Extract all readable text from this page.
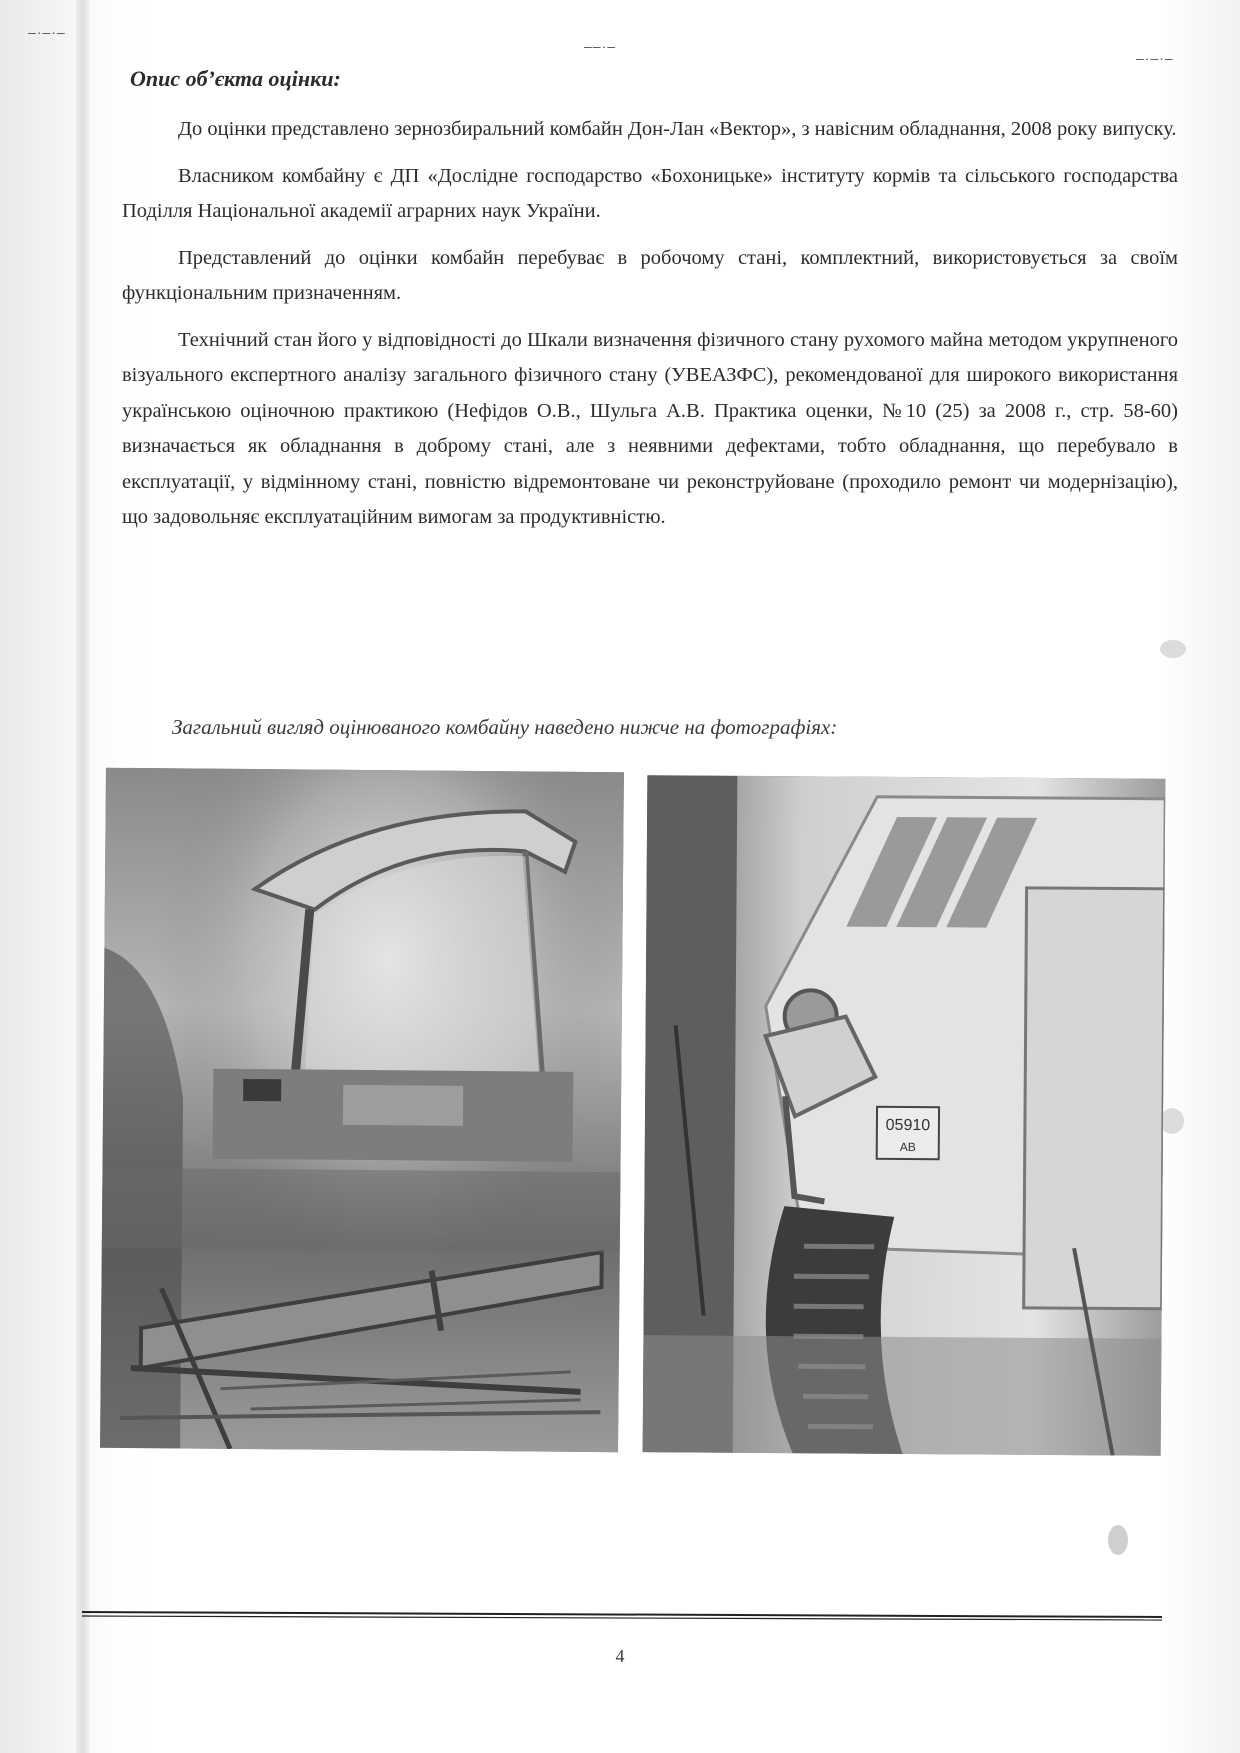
–·–·–
––·–
–·–·–
Опис об’єкта оцінки:

До оцінки представлено зернозбиральний комбайн Дон-Лан «Вектор», з навісним обладнання, 2008 року випуску.

Власником комбайну є ДП «Дослідне господарство «Бохоницьке» інституту кормів та сільського господарства Поділля Національної академії аграрних наук України.

Представлений до оцінки комбайн перебуває в робочому стані, комплектний, використовується за своїм функціональним призначенням.

Технічний стан його у відповідності до Шкали визначення фізичного стану рухомого майна методом укрупненого візуального експертного аналізу загального фізичного стану (УВЕАЗФС), рекомендованої для широкого використання українською оціночною практикою (Нефідов О.В., Шульга А.В. Практика оценки, №10 (25) за 2008 г., стр. 58-60) визначається як обладнання в доброму стані, але з неявними дефектами, тобто обладнання, що перебувало в експлуатації, у відмінному стані, повністю відремонтоване чи реконструйоване (проходило ремонт чи модернізацію), що задовольняє експлуатаційним вимогам за продуктивністю.

Загальний вигляд оцінюваного комбайну наведено нижче на фотографіях:
05910
АВ
4
